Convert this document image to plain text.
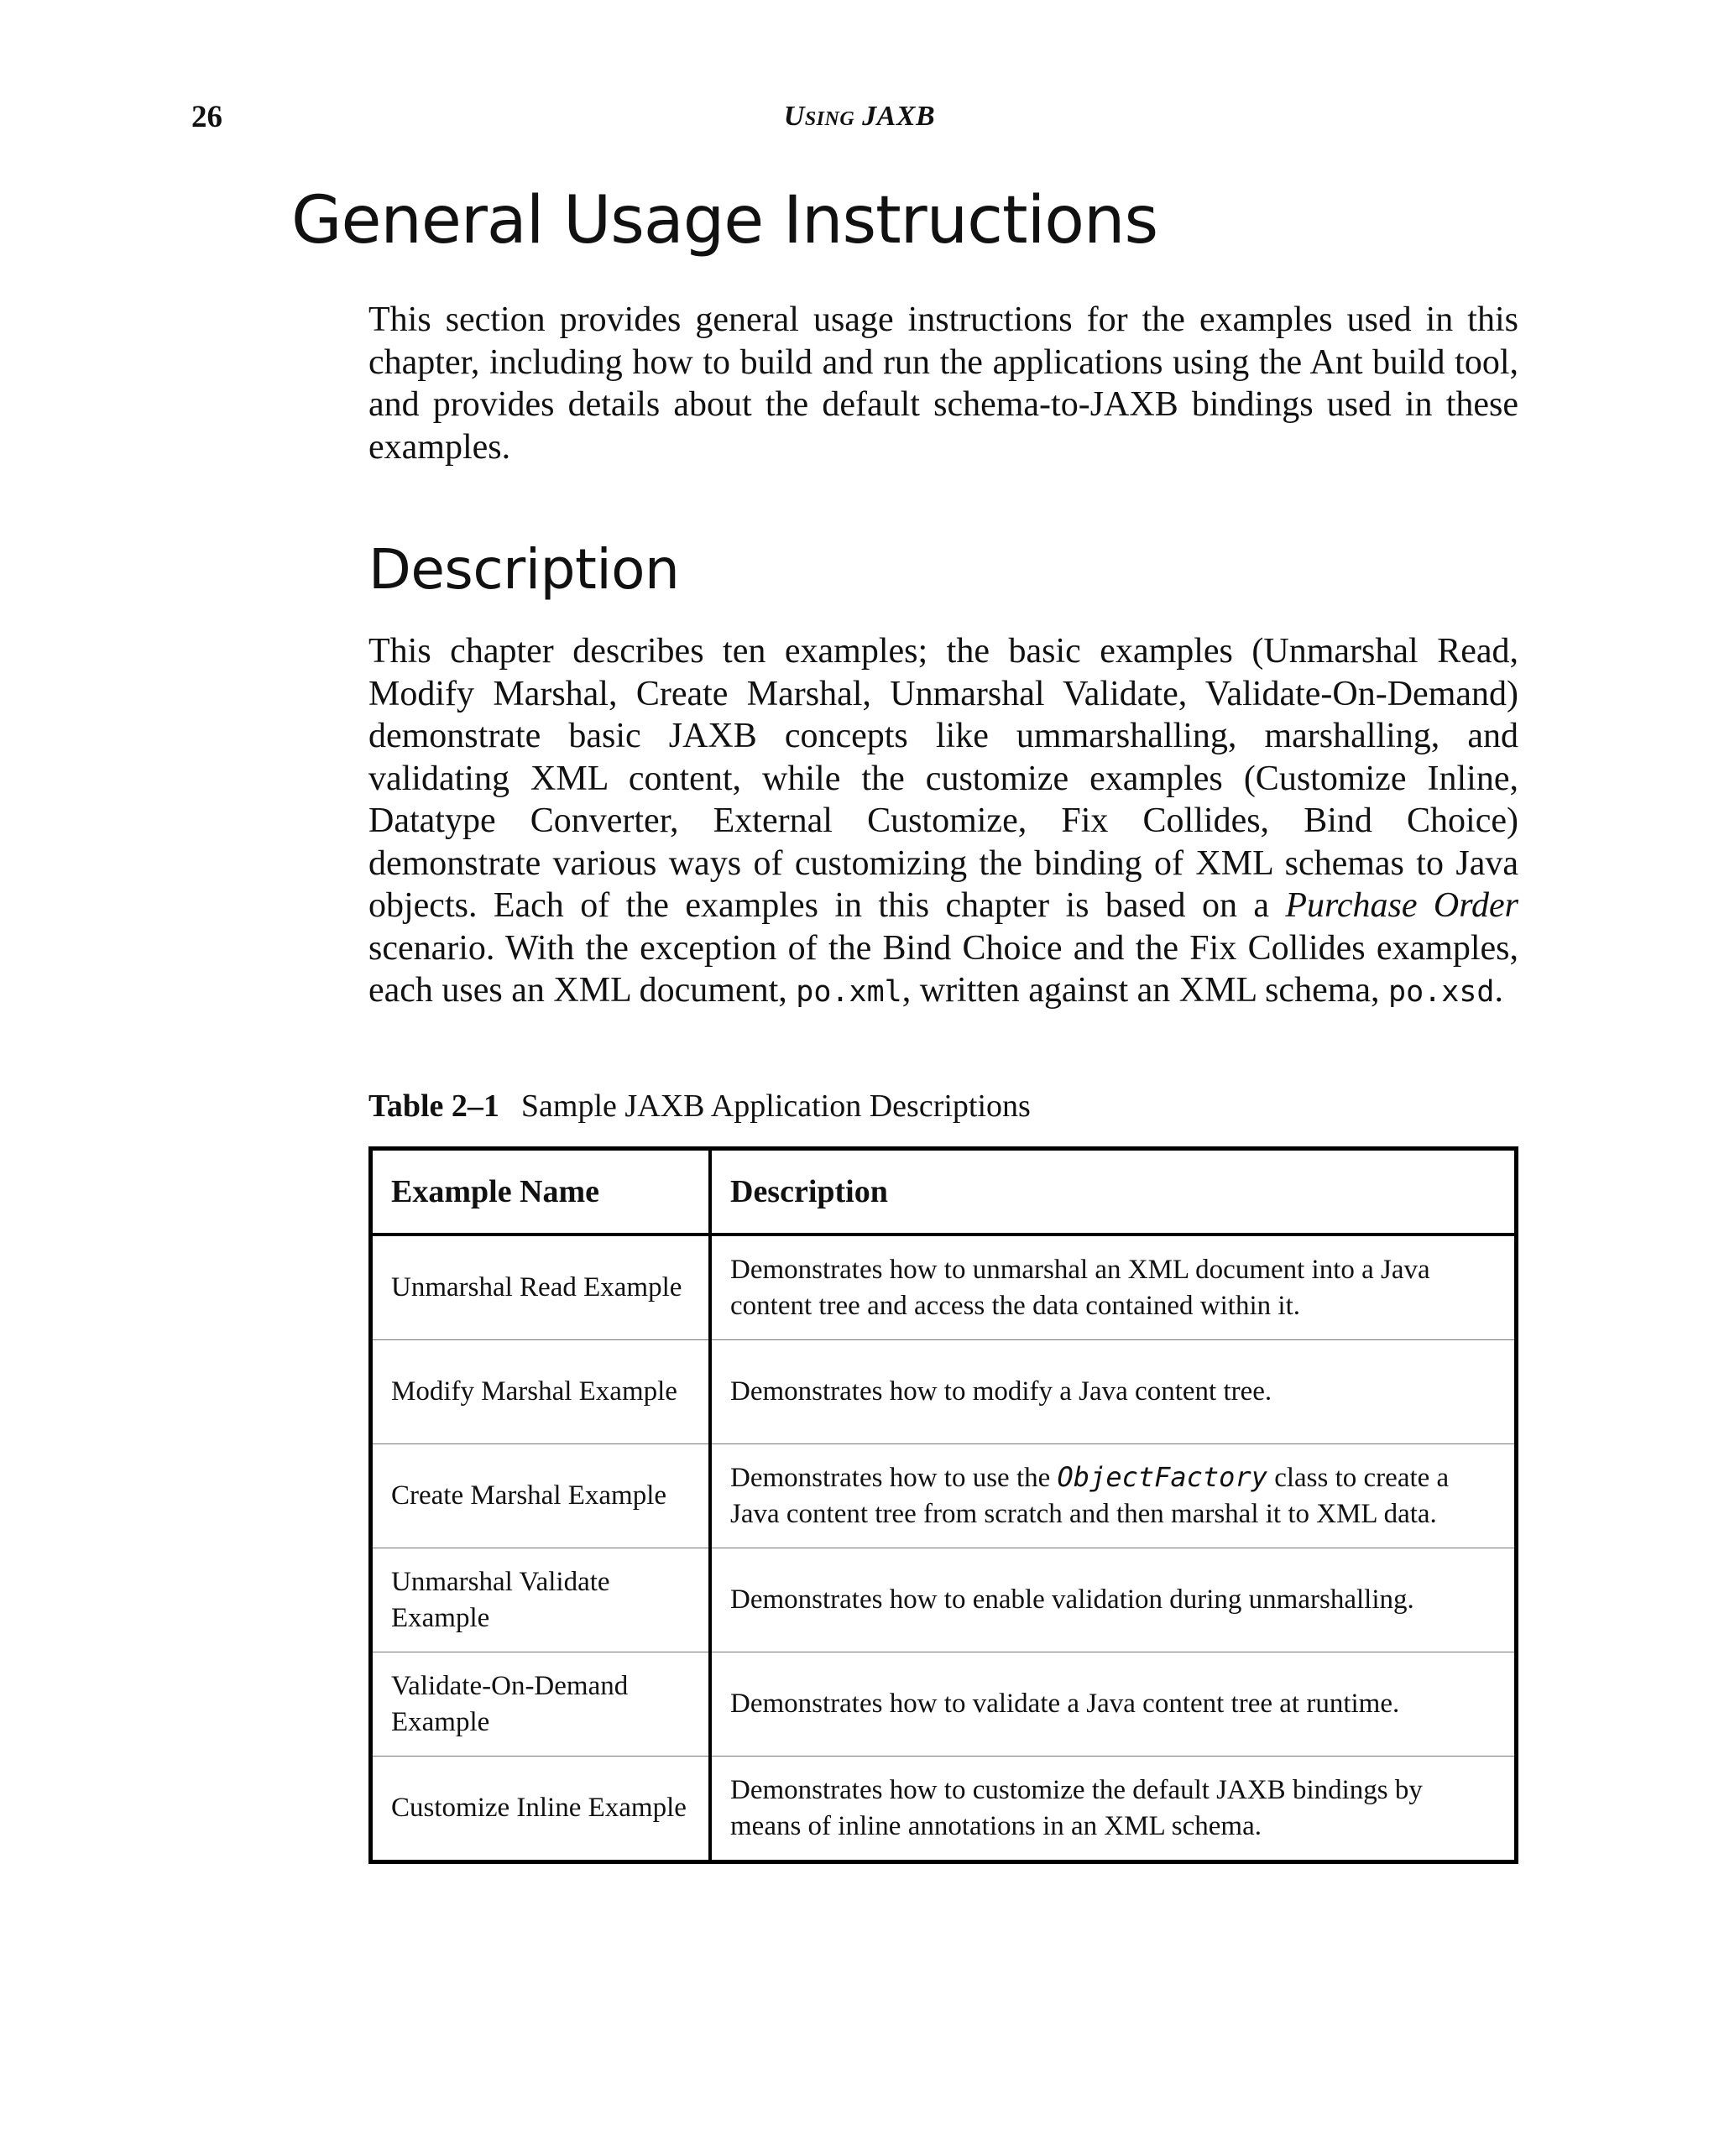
26	Using JAXB
General Usage Instructions

This section provides general usage instructions for the examples used in this chapter, including how to build and run the applications using the Ant build tool, and provides details about the default schema-to-JAXB bindings used in these examples.

Description

This chapter describes ten examples; the basic examples (Unmarshal Read, Modify Marshal, Create Marshal, Unmarshal Validate, Validate-On-Demand) demonstrate basic JAXB concepts like ummarshalling, marshalling, and validating XML content, while the customize examples (Customize Inline, Datatype Converter, External Customize, Fix Collides, Bind Choice) demonstrate various ways of customizing the binding of XML schemas to Java objects. Each of the examples in this chapter is based on a Purchase Order scenario. With the exception of the Bind Choice and the Fix Collides examples, each uses an XML document, po.xml, written against an XML schema, po.xsd.

Table 2–1 Sample JAXB Application Descriptions
Example Name	Description
Unmarshal Read Example	Demonstrates how to unmarshal an XML document into a Java content tree and access the data contained within it.
Modify Marshal Example	Demonstrates how to modify a Java content tree.
Create Marshal Example	Demonstrates how to use the ObjectFactory class to create a Java content tree from scratch and then marshal it to XML data.
Unmarshal Validate Example	Demonstrates how to enable validation during unmarshalling.
Validate-On-Demand Example	Demonstrates how to validate a Java content tree at runtime.
Customize Inline Example	Demonstrates how to customize the default JAXB bindings by means of inline annotations in an XML schema.
